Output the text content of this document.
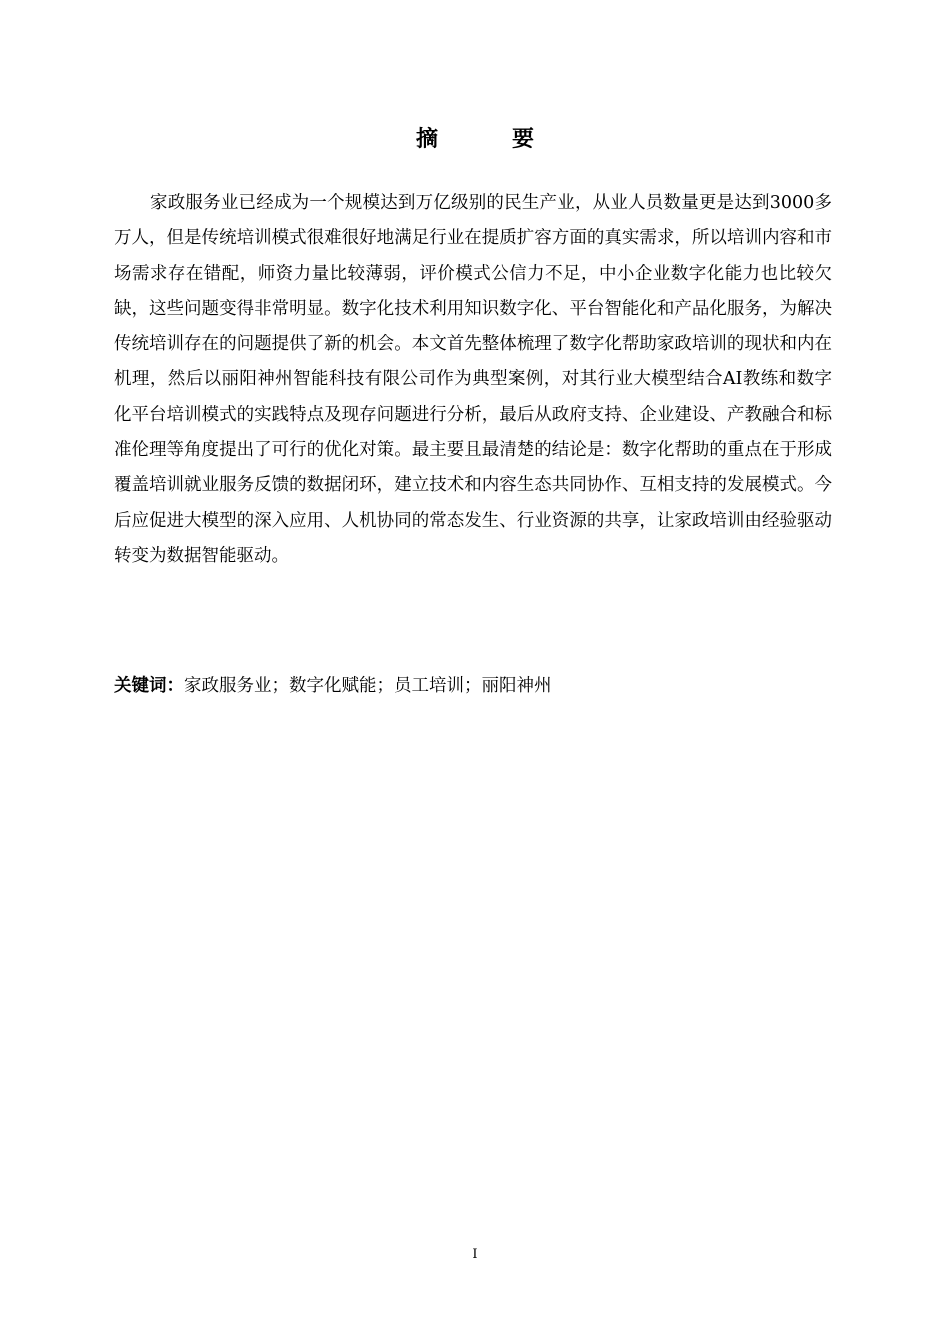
摘　要

家政服务业已经成为一个规模达到万亿级别的民生产业，从业人员数量更是达到3000多万人，但是传统培训模式很难很好地满足行业在提质扩容方面的真实需求，所以培训内容和市场需求存在错配，师资力量比较薄弱，评价模式公信力不足，中小企业数字化能力也比较欠缺，这些问题变得非常明显。数字化技术利用知识数字化、平台智能化和产品化服务，为解决传统培训存在的问题提供了新的机会。本文首先整体梳理了数字化帮助家政培训的现状和内在机理，然后以丽阳神州智能科技有限公司作为典型案例，对其行业大模型结合AI教练和数字化平台培训模式的实践特点及现存问题进行分析，最后从政府支持、企业建设、产教融合和标准伦理等角度提出了可行的优化对策。最主要且最清楚的结论是：数字化帮助的重点在于形成覆盖培训就业服务反馈的数据闭环，建立技术和内容生态共同协作、互相支持的发展模式。今后应促进大模型的深入应用、人机协同的常态发生、行业资源的共享，让家政培训由经验驱动转变为数据智能驱动。

关键词：家政服务业；数字化赋能；员工培训；丽阳神州

I
